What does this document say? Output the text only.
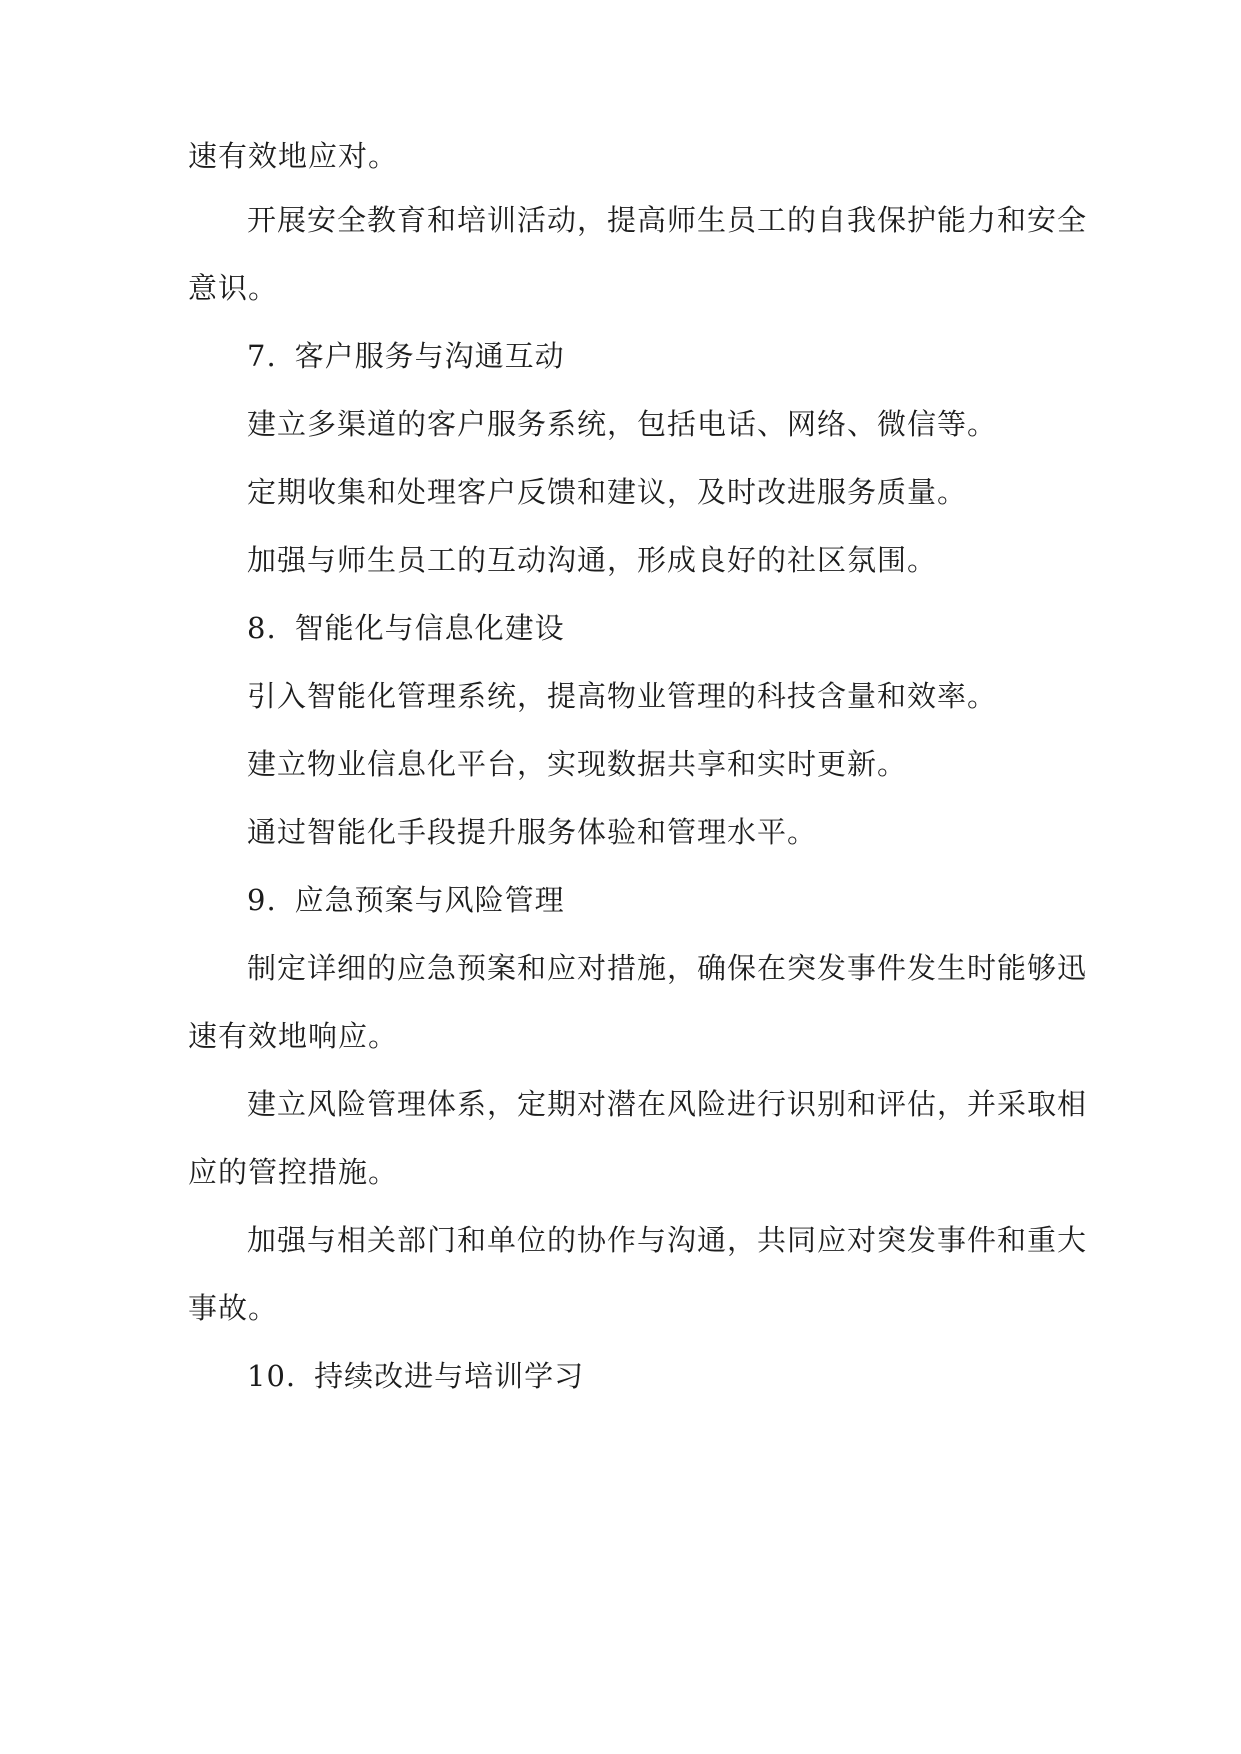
速有效地应对。
开展安全教育和培训活动，提高师生员工的自我保护能力和安全
意识。
7. 客户服务与沟通互动
建立多渠道的客户服务系统，包括电话、网络、微信等。
定期收集和处理客户反馈和建议，及时改进服务质量。
加强与师生员工的互动沟通，形成良好的社区氛围。
8. 智能化与信息化建设
引入智能化管理系统，提高物业管理的科技含量和效率。
建立物业信息化平台，实现数据共享和实时更新。
通过智能化手段提升服务体验和管理水平。
9. 应急预案与风险管理
制定详细的应急预案和应对措施，确保在突发事件发生时能够迅
速有效地响应。
建立风险管理体系，定期对潜在风险进行识别和评估，并采取相
应的管控措施。
加强与相关部门和单位的协作与沟通，共同应对突发事件和重大
事故。
10. 持续改进与培训学习
